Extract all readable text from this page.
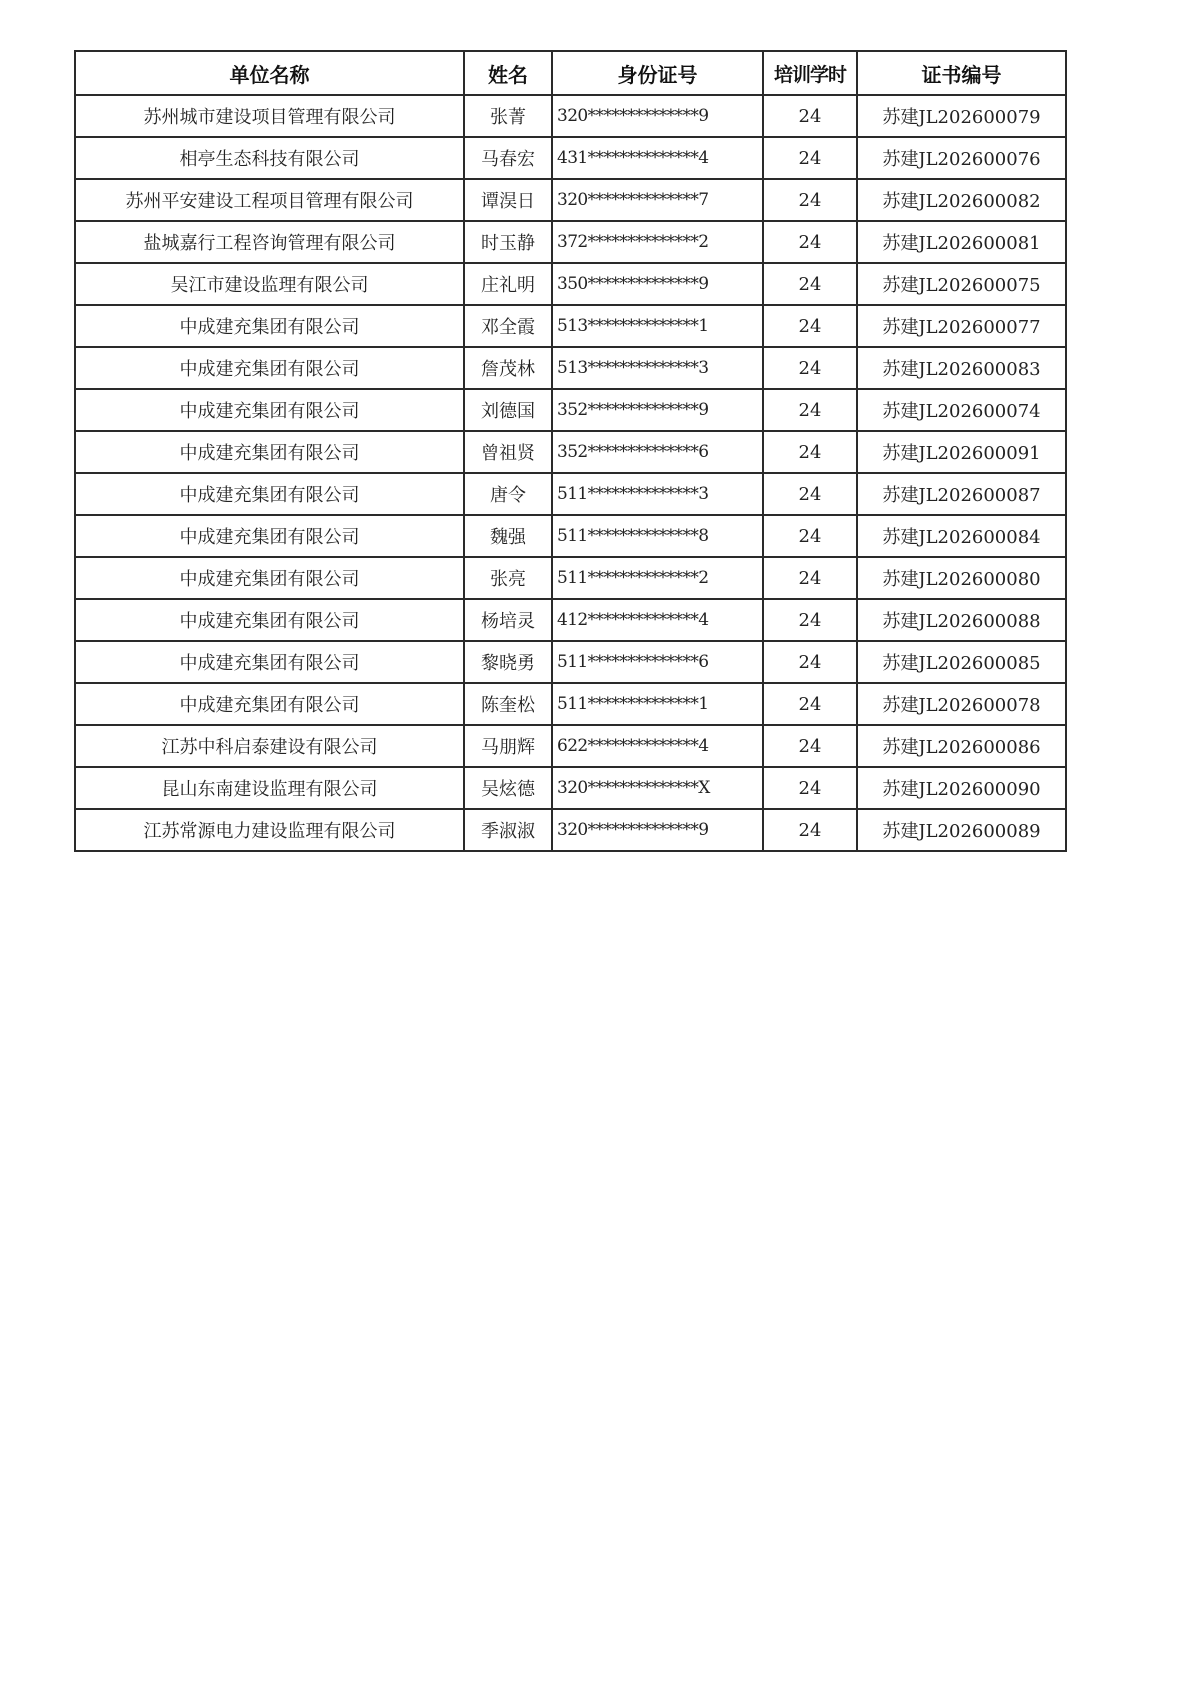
单位名称	姓名	身份证号	培训学时	证书编号
苏州城市建设项目管理有限公司	张菁	320**************9	24	苏建JL202600079
相亭生态科技有限公司	马春宏	431**************4	24	苏建JL202600076
苏州平安建设工程项目管理有限公司	谭淏日	320**************7	24	苏建JL202600082
盐城嘉行工程咨询管理有限公司	时玉静	372**************2	24	苏建JL202600081
吴江市建设监理有限公司	庄礼明	350**************9	24	苏建JL202600075
中成建充集团有限公司	邓全霞	513**************1	24	苏建JL202600077
中成建充集团有限公司	詹茂林	513**************3	24	苏建JL202600083
中成建充集团有限公司	刘德国	352**************9	24	苏建JL202600074
中成建充集团有限公司	曾祖贤	352**************6	24	苏建JL202600091
中成建充集团有限公司	唐令	511**************3	24	苏建JL202600087
中成建充集团有限公司	魏强	511**************8	24	苏建JL202600084
中成建充集团有限公司	张亮	511**************2	24	苏建JL202600080
中成建充集团有限公司	杨培灵	412**************4	24	苏建JL202600088
中成建充集团有限公司	黎晓勇	511**************6	24	苏建JL202600085
中成建充集团有限公司	陈奎松	511**************1	24	苏建JL202600078
江苏中科启泰建设有限公司	马朋辉	622**************4	24	苏建JL202600086
昆山东南建设监理有限公司	吴炫德	320**************X	24	苏建JL202600090
江苏常源电力建设监理有限公司	季淑淑	320**************9	24	苏建JL202600089
